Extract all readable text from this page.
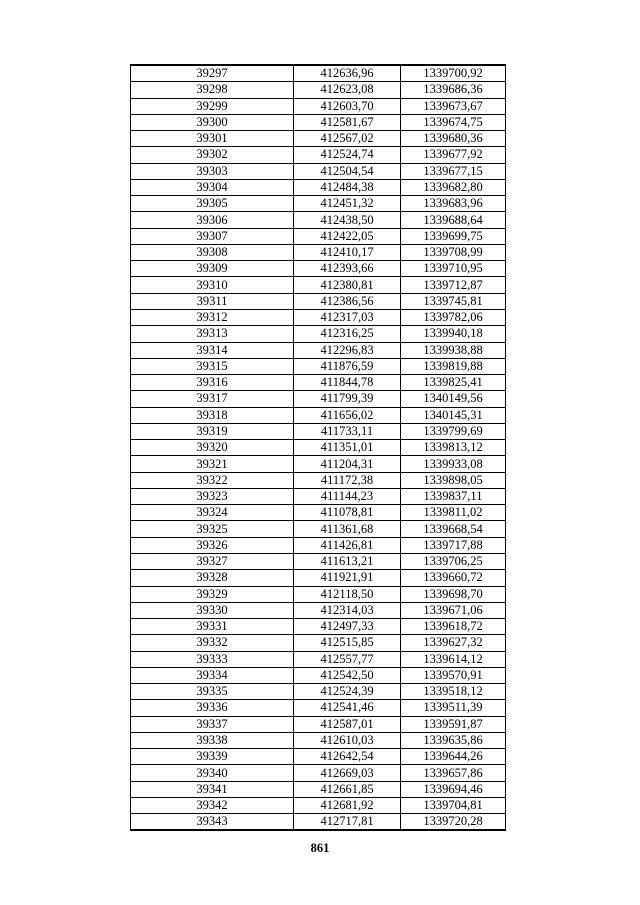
39297	412636,96	1339700,92
39298	412623,08	1339686,36
39299	412603,70	1339673,67
39300	412581,67	1339674,75
39301	412567,02	1339680,36
39302	412524,74	1339677,92
39303	412504,54	1339677,15
39304	412484,38	1339682,80
39305	412451,32	1339683,96
39306	412438,50	1339688,64
39307	412422,05	1339699,75
39308	412410,17	1339708,99
39309	412393,66	1339710,95
39310	412380,81	1339712,87
39311	412386,56	1339745,81
39312	412317,03	1339782,06
39313	412316,25	1339940,18
39314	412296,83	1339938,88
39315	411876,59	1339819,88
39316	411844,78	1339825,41
39317	411799,39	1340149,56
39318	411656,02	1340145,31
39319	411733,11	1339799,69
39320	411351,01	1339813,12
39321	411204,31	1339933,08
39322	411172,38	1339898,05
39323	411144,23	1339837,11
39324	411078,81	1339811,02
39325	411361,68	1339668,54
39326	411426,81	1339717,88
39327	411613,21	1339706,25
39328	411921,91	1339660,72
39329	412118,50	1339698,70
39330	412314,03	1339671,06
39331	412497,33	1339618,72
39332	412515,85	1339627,32
39333	412557,77	1339614,12
39334	412542,50	1339570,91
39335	412524,39	1339518,12
39336	412541,46	1339511,39
39337	412587,01	1339591,87
39338	412610,03	1339635,86
39339	412642,54	1339644,26
39340	412669,03	1339657,86
39341	412661,85	1339694,46
39342	412681,92	1339704,81
39343	412717,81	1339720,28
861
